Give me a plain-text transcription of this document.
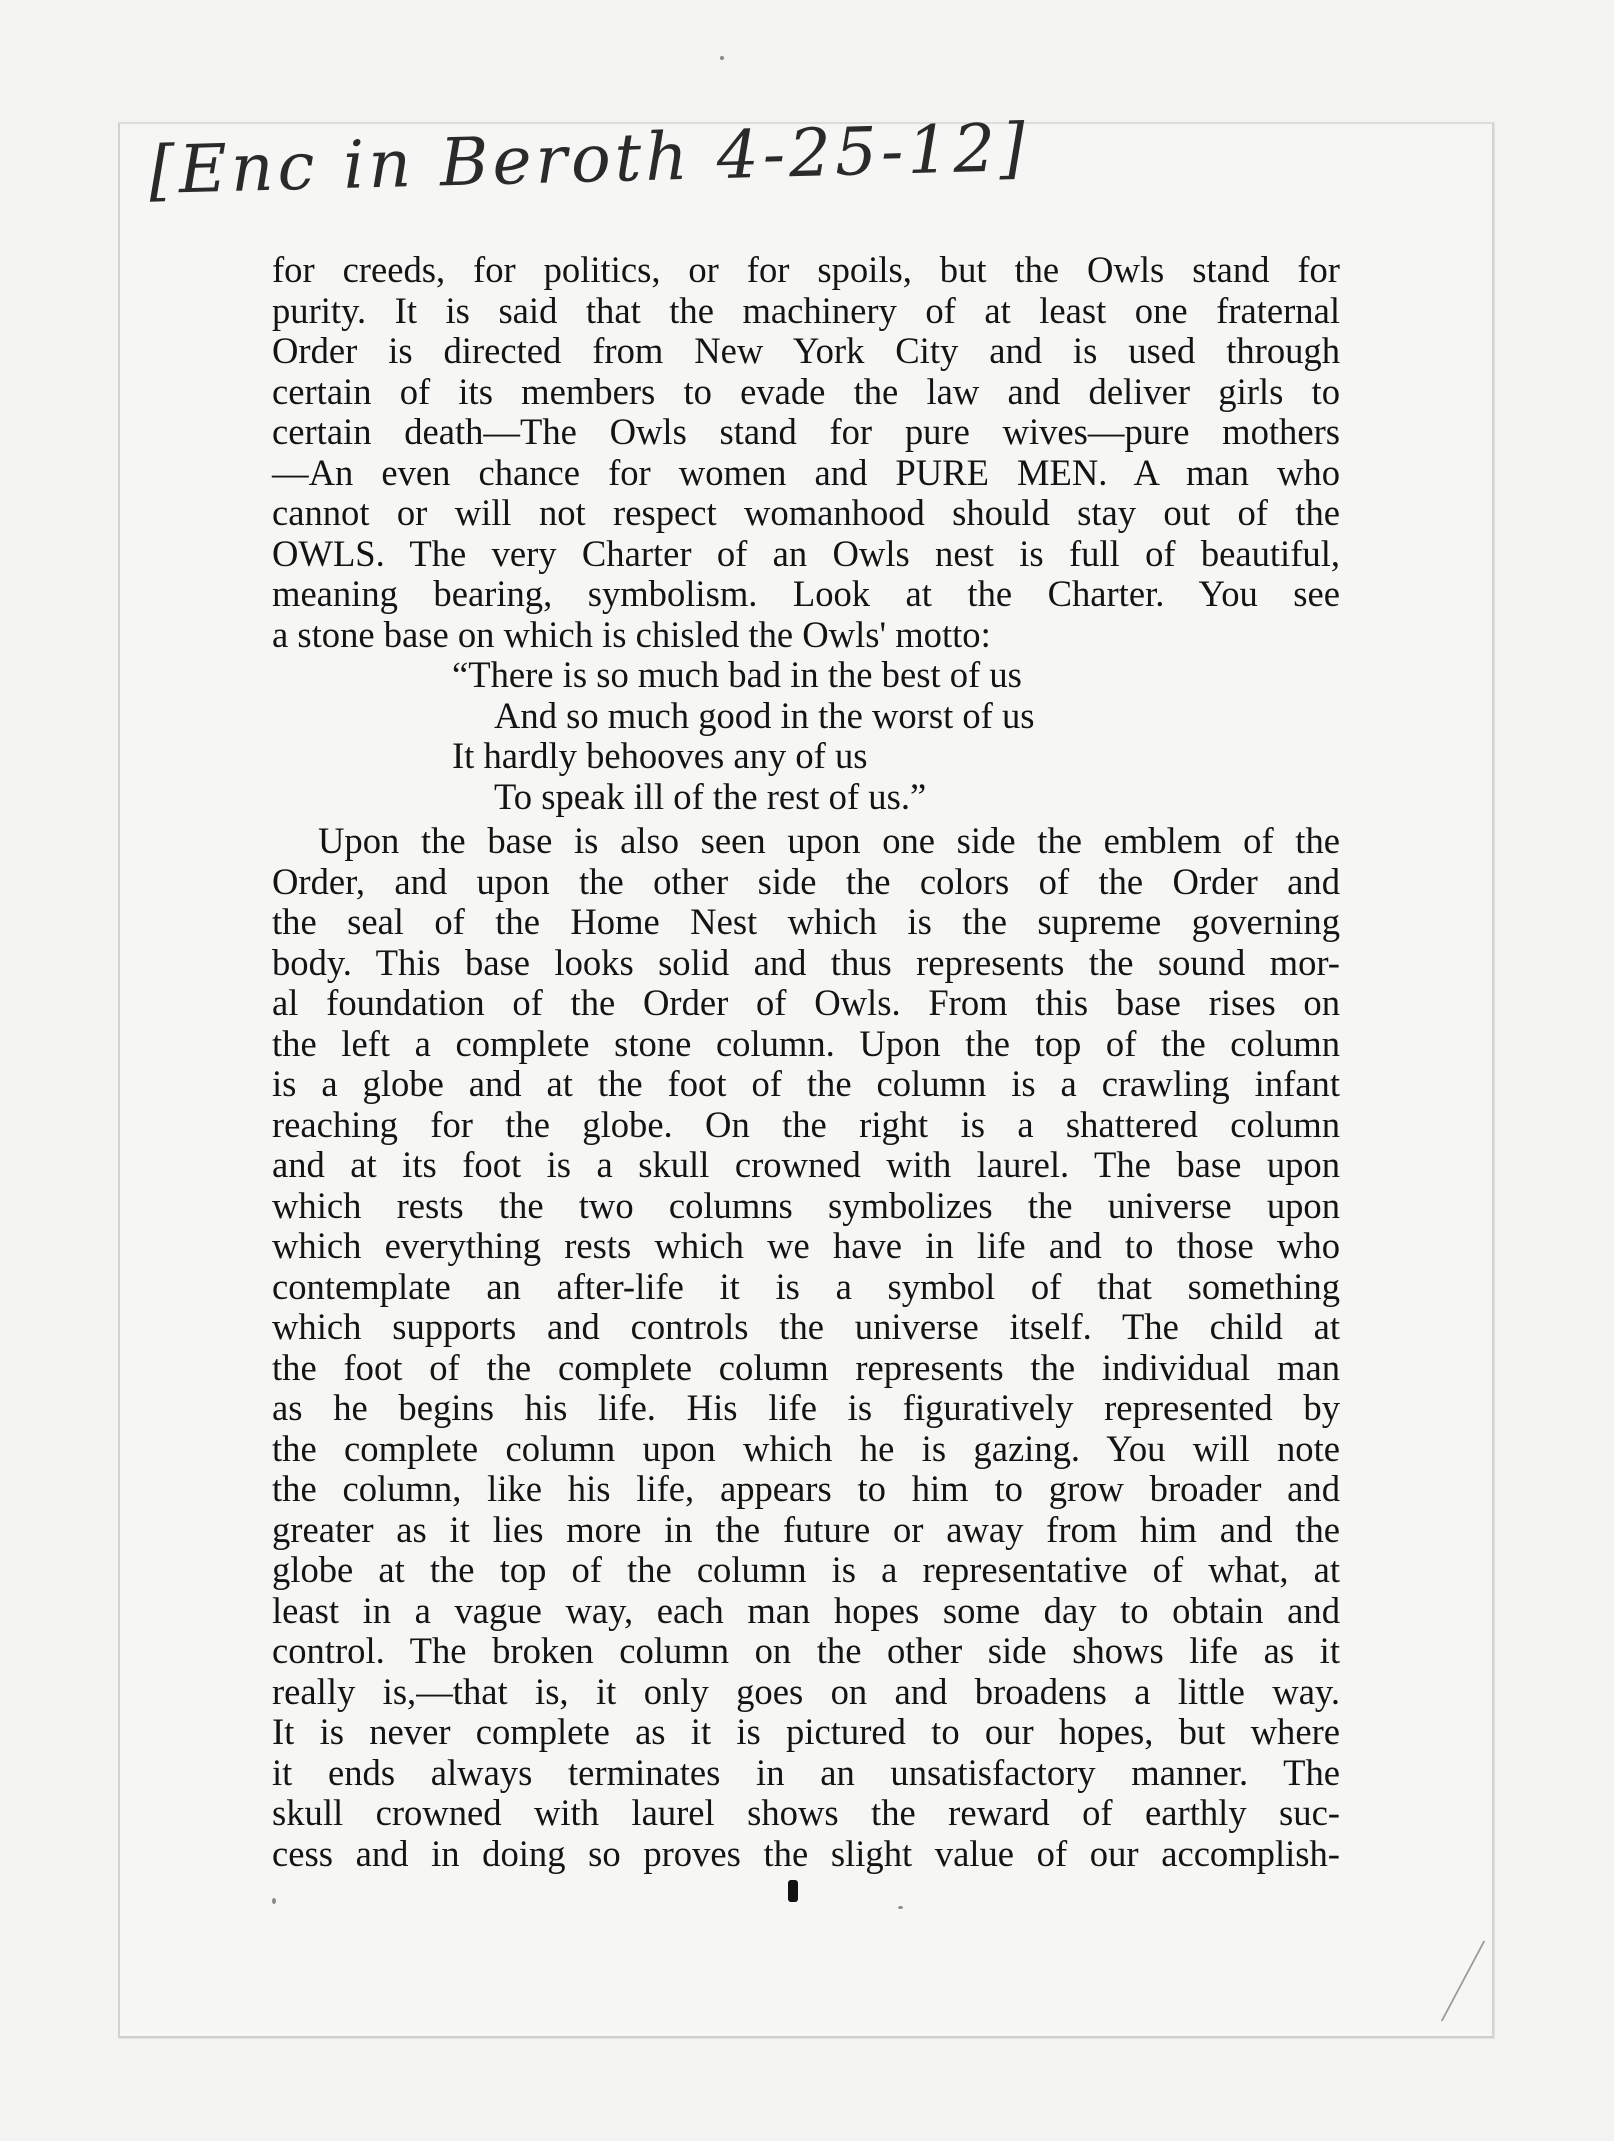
[Enc in Beroth 4-25-12]
for creeds, for politics, or for spoils, but the Owls stand for
purity. It is said that the machinery of at least one fraternal
Order is directed from New York City and is used through
certain of its members to evade the law and deliver girls to
certain death—The Owls stand for pure wives—pure mothers
—An even chance for women and PURE MEN. A man who
cannot or will not respect womanhood should stay out of the
OWLS. The very Charter of an Owls nest is full of beautiful,
meaning bearing, symbolism. Look at the Charter. You see
a stone base on which is chisled the Owls' motto:
“There is so much bad in the best of us
And so much good in the worst of us
It hardly behooves any of us
To speak ill of the rest of us.”
Upon the base is also seen upon one side the emblem of the
Order, and upon the other side the colors of the Order and
the seal of the Home Nest which is the supreme governing
body. This base looks solid and thus represents the sound mor-
al foundation of the Order of Owls. From this base rises on
the left a complete stone column. Upon the top of the column
is a globe and at the foot of the column is a crawling infant
reaching for the globe. On the right is a shattered column
and at its foot is a skull crowned with laurel. The base upon
which rests the two columns symbolizes the universe upon
which everything rests which we have in life and to those who
contemplate an after-life it is a symbol of that something
which supports and controls the universe itself. The child at
the foot of the complete column represents the individual man
as he begins his life. His life is figuratively represented by
the complete column upon which he is gazing. You will note
the column, like his life, appears to him to grow broader and
greater as it lies more in the future or away from him and the
globe at the top of the column is a representative of what, at
least in a vague way, each man hopes some day to obtain and
control. The broken column on the other side shows life as it
really is,—that is, it only goes on and broadens a little way.
It is never complete as it is pictured to our hopes, but where
it ends always terminates in an unsatisfactory manner. The
skull crowned with laurel shows the reward of earthly suc-
cess and in doing so proves the slight value of our accomplish-
